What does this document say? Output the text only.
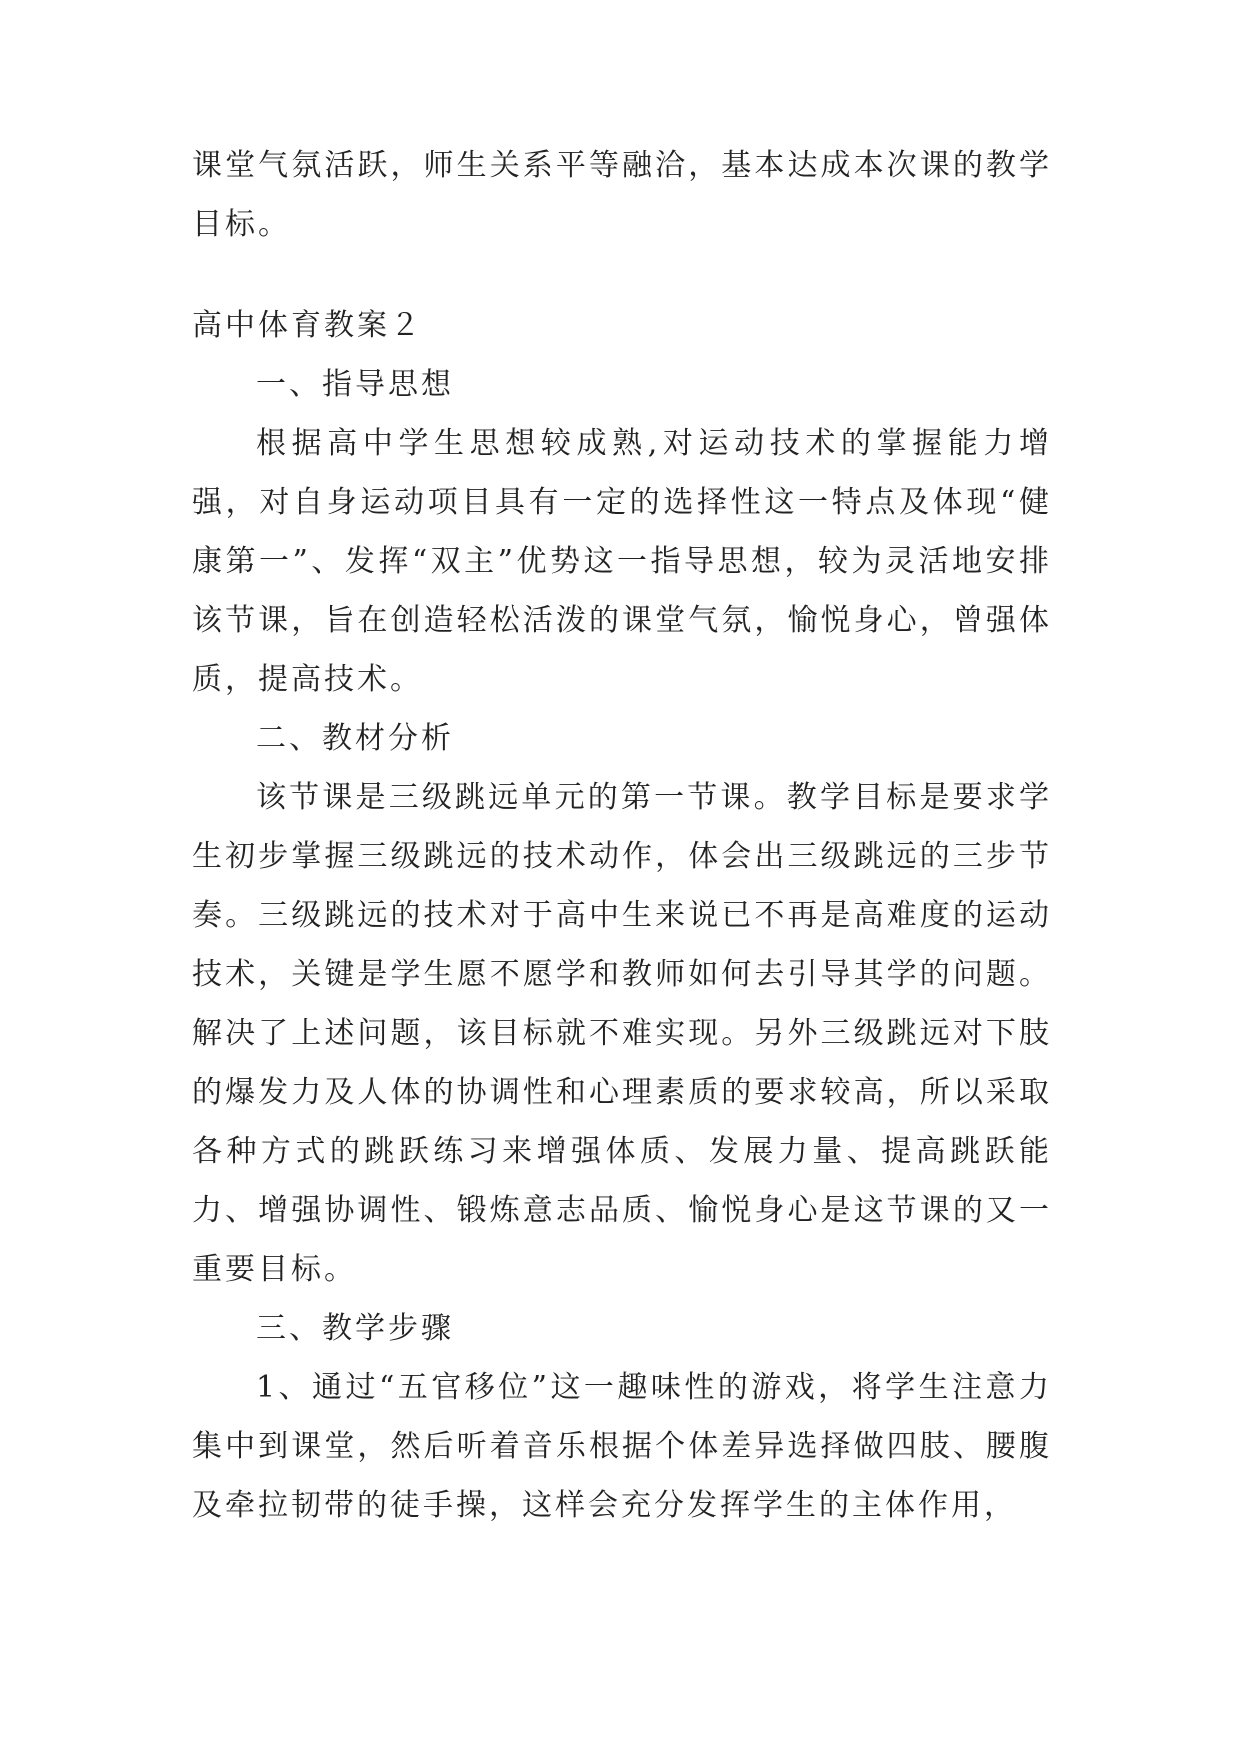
课堂气氛活跃，师生关系平等融洽，基本达成本次课的教学目标。

高中体育教案２

一、指导思想

根据高中学生思想较成熟,对运动技术的掌握能力增强，对自身运动项目具有一定的选择性这一特点及体现“健康第一”、发挥“双主”优势这一指导思想，较为灵活地安排该节课，旨在创造轻松活泼的课堂气氛，愉悦身心，曾强体质，提高技术。

二、教材分析

该节课是三级跳远单元的第一节课。教学目标是要求学生初步掌握三级跳远的技术动作，体会出三级跳远的三步节奏。三级跳远的技术对于高中生来说已不再是高难度的运动技术，关键是学生愿不愿学和教师如何去引导其学的问题。解决了上述问题，该目标就不难实现。另外三级跳远对下肢的爆发力及人体的协调性和心理素质的要求较高，所以采取各种方式的跳跃练习来增强体质、发展力量、提高跳跃能力、增强协调性、锻炼意志品质、愉悦身心是这节课的又一重要目标。

三、教学步骤

1、通过“五官移位”这一趣味性的游戏，将学生注意力集中到课堂，然后听着音乐根据个体差异选择做四肢、腰腹及牵拉韧带的徒手操，这样会充分发挥学生的主体作用，
